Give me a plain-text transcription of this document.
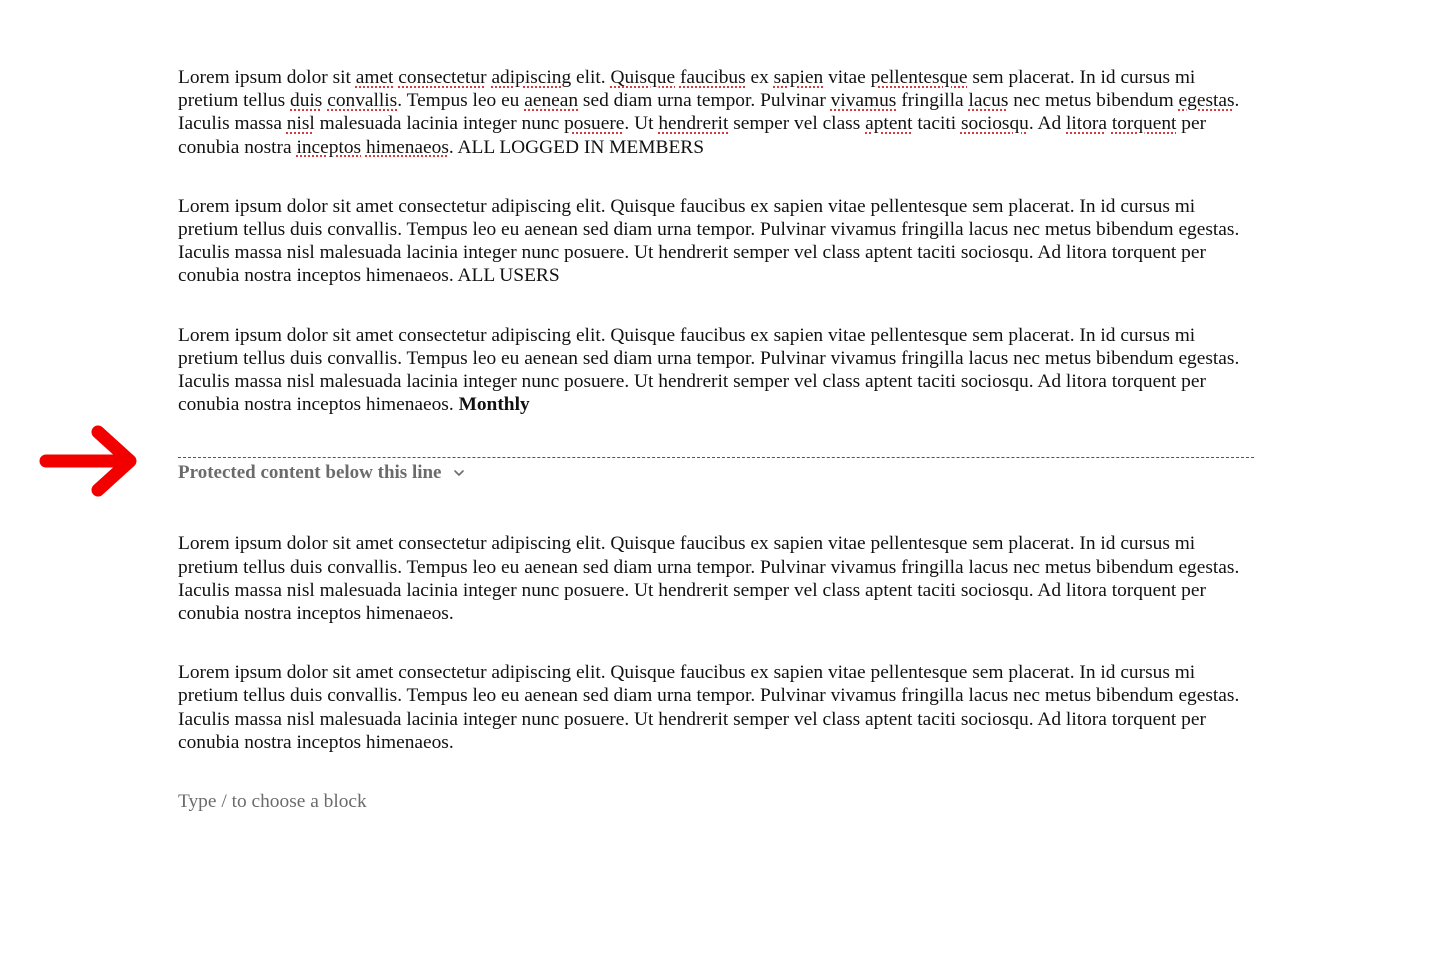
Lorem ipsum dolor sit amet consectetur adipiscing elit. Quisque faucibus ex sapien vitae pellentesque sem placerat. In id cursus mi pretium tellus duis convallis. Tempus leo eu aenean sed diam urna tempor. Pulvinar vivamus fringilla lacus nec metus bibendum egestas. Iaculis massa nisl malesuada lacinia integer nunc posuere. Ut hendrerit semper vel class aptent taciti sociosqu. Ad litora torquent per conubia nostra inceptos himenaeos. ALL LOGGED IN MEMBERS

Lorem ipsum dolor sit amet consectetur adipiscing elit. Quisque faucibus ex sapien vitae pellentesque sem placerat. In id cursus mi pretium tellus duis convallis. Tempus leo eu aenean sed diam urna tempor. Pulvinar vivamus fringilla lacus nec metus bibendum egestas. Iaculis massa nisl malesuada lacinia integer nunc posuere. Ut hendrerit semper vel class aptent taciti sociosqu. Ad litora torquent per conubia nostra inceptos himenaeos. ALL USERS

Lorem ipsum dolor sit amet consectetur adipiscing elit. Quisque faucibus ex sapien vitae pellentesque sem placerat. In id cursus mi pretium tellus duis convallis. Tempus leo eu aenean sed diam urna tempor. Pulvinar vivamus fringilla lacus nec metus bibendum egestas. Iaculis massa nisl malesuada lacinia integer nunc posuere. Ut hendrerit semper vel class aptent taciti sociosqu. Ad litora torquent per conubia nostra inceptos himenaeos. Monthly

Protected content below this line

Lorem ipsum dolor sit amet consectetur adipiscing elit. Quisque faucibus ex sapien vitae pellentesque sem placerat. In id cursus mi pretium tellus duis convallis. Tempus leo eu aenean sed diam urna tempor. Pulvinar vivamus fringilla lacus nec metus bibendum egestas. Iaculis massa nisl malesuada lacinia integer nunc posuere. Ut hendrerit semper vel class aptent taciti sociosqu. Ad litora torquent per conubia nostra inceptos himenaeos.

Lorem ipsum dolor sit amet consectetur adipiscing elit. Quisque faucibus ex sapien vitae pellentesque sem placerat. In id cursus mi pretium tellus duis convallis. Tempus leo eu aenean sed diam urna tempor. Pulvinar vivamus fringilla lacus nec metus bibendum egestas. Iaculis massa nisl malesuada lacinia integer nunc posuere. Ut hendrerit semper vel class aptent taciti sociosqu. Ad litora torquent per conubia nostra inceptos himenaeos.

Type / to choose a block
